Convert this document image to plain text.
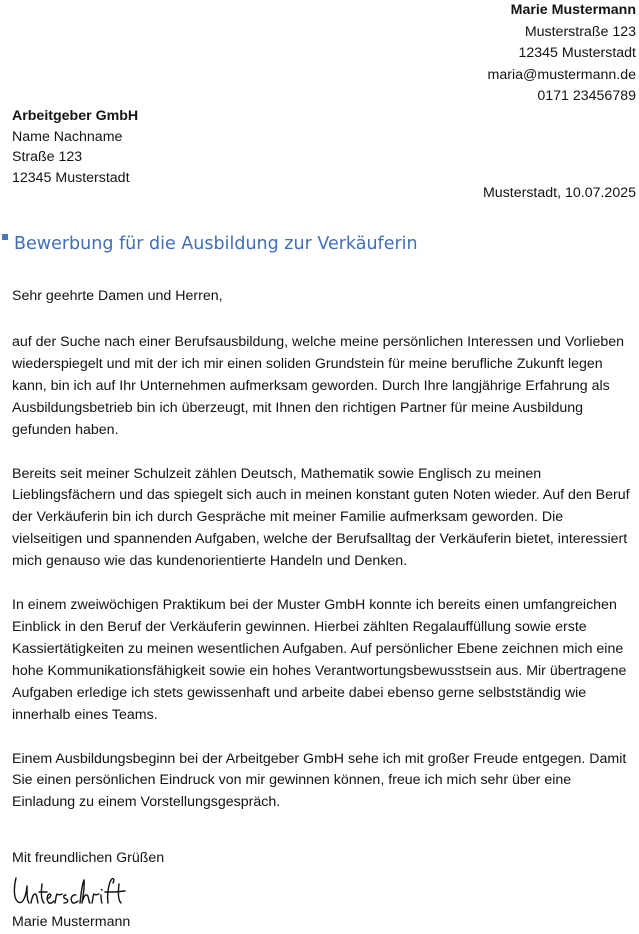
Marie Mustermann
Musterstraße 123
12345 Musterstadt
maria@mustermann.de
0171 23456789
Arbeitgeber GmbH
Name Nachname
Straße 123
12345 Musterstadt
Musterstadt, 10.07.2025
Bewerbung für die Ausbildung zur Verkäuferin
Sehr geehrte Damen und Herren,

auf der Suche nach einer Berufsausbildung, welche meine persönlichen Interessen und Vorlieben wiederspiegelt und mit der ich mir einen soliden Grundstein für meine berufliche Zukunft legen kann, bin ich auf Ihr Unternehmen aufmerksam geworden. Durch Ihre langjährige Erfahrung als Ausbildungsbetrieb bin ich überzeugt, mit Ihnen den richtigen Partner für meine Ausbildung gefunden haben.

Bereits seit meiner Schulzeit zählen Deutsch, Mathematik sowie Englisch zu meinen Lieblingsfächern und das spiegelt sich auch in meinen konstant guten Noten wieder. Auf den Beruf der Verkäuferin bin ich durch Gespräche mit meiner Familie aufmerksam geworden. Die vielseitigen und spannenden Aufgaben, welche der Berufsalltag der Verkäuferin bietet, interessiert mich genauso wie das kundenorientierte Handeln und Denken.

In einem zweiwöchigen Praktikum bei der Muster GmbH konnte ich bereits einen umfangreichen Einblick in den Beruf der Verkäuferin gewinnen. Hierbei zählten Regalauffüllung sowie erste Kassiertätigkeiten zu meinen wesentlichen Aufgaben. Auf persönlicher Ebene zeichnen mich eine hohe Kommunikationsfähigkeit sowie ein hohes Verantwortungsbewusstsein aus. Mir übertragene Aufgaben erledige ich stets gewissenhaft und arbeite dabei ebenso gerne selbstständig wie innerhalb eines Teams.

Einem Ausbildungsbeginn bei der Arbeitgeber GmbH sehe ich mit großer Freude entgegen. Damit Sie einen persönlichen Eindruck von mir gewinnen können, freue ich mich sehr über eine Einladung zu einem Vorstellungsgespräch.

Mit freundlichen Grüßen
Marie Mustermann
